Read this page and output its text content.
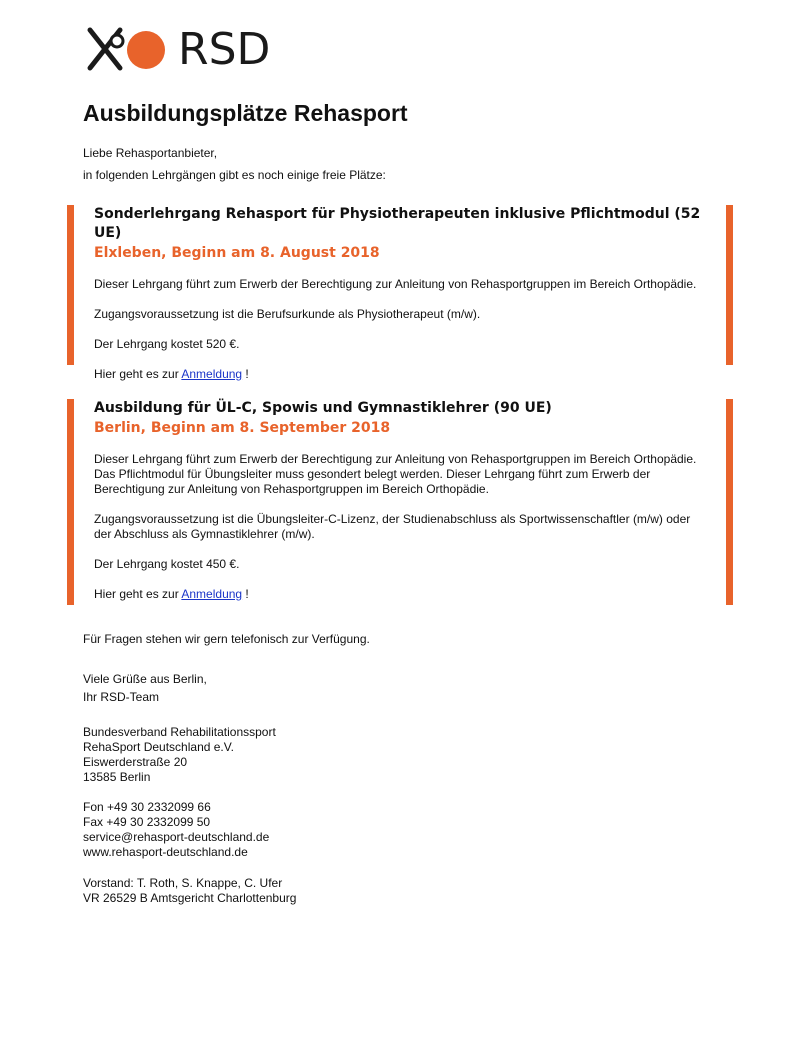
RSD
Ausbildungsplätze Rehasport

Liebe Rehasportanbieter,

in folgenden Lehrgängen gibt es noch einige freie Plätze:

Sonderlehrgang Rehasport für Physiotherapeuten inklusive Pflichtmodul (52 UE)
Elxleben, Beginn am 8. August 2018

Dieser Lehrgang führt zum Erwerb der Berechtigung zur Anleitung von Rehasportgruppen im Bereich Orthopädie.

Zugangsvoraussetzung ist die Berufsurkunde als Physiotherapeut (m/w).

Der Lehrgang kostet 520 €.

Hier geht es zur Anmeldung !

Ausbildung für ÜL-C, Spowis und Gymnastiklehrer (90 UE)
Berlin, Beginn am 8. September 2018

Dieser Lehrgang führt zum Erwerb der Berechtigung zur Anleitung von Rehasportgruppen im Bereich Orthopädie. Das Pflichtmodul für Übungsleiter muss gesondert belegt werden. Dieser Lehrgang führt zum Erwerb der Berechtigung zur Anleitung von Rehasportgruppen im Bereich Orthopädie.

Zugangsvoraussetzung ist die Übungsleiter-C-Lizenz, der Studienabschluss als Sportwissenschaftler (m/w) oder der Abschluss als Gymnastiklehrer (m/w).

Der Lehrgang kostet 450 €.

Hier geht es zur Anmeldung !

Für Fragen stehen wir gern telefonisch zur Verfügung.

Viele Grüße aus Berlin,

Ihr RSD-Team

Bundesverband Rehabilitationssport

RehaSport Deutschland e.V.

Eiswerderstraße 20

13585 Berlin

Fon +49 30 2332099 66

Fax +49 30 2332099 50

service@rehasport-deutschland.de

www.rehasport-deutschland.de

Vorstand: T. Roth, S. Knappe, C. Ufer

VR 26529 B Amtsgericht Charlottenburg
